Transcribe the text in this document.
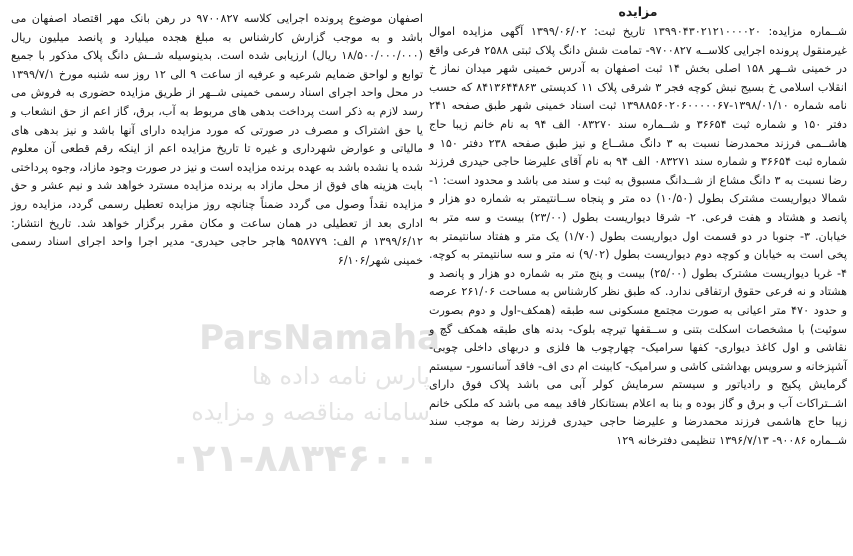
مزایده

شــماره مزایده: ۱۳۹۹۰۴۳۰۲۱۲۱۰۰۰۰۲۰ تاریخ ثبت: ۱۳۹۹/۰۶/۰۲ آگهی مزایده اموال غیرمنقول پرونده اجرایی کلاســه ۹۷۰۰۸۲۷- تمامت شش دانگ پلاک ثبتی ۲۵۸۸ فرعی واقع در خمینی شــهر ۱۵۸ اصلی بخش ۱۴ ثبت اصفهان به آدرس خمینی شهر میدان نماز خ انقلاب اسلامی خ بسیج نبش کوچه فجر ۳ شرقی پلاک ۱۱ کدپستی ۸۴۱۳۶۴۴۸۶۳ که حسب نامه شماره ۱۳۹۸/۰۱/۱۰-۱۳۹۸۸۵۶۰۲۰۶۰۰۰۰۰۶۷ ثبت اسناد خمینی شهر طبق صفحه ۲۴۱ دفتر ۱۵۰ و شماره ثبت ۳۶۶۵۴ و شــماره سند ۰۸۳۲۷۰ الف ۹۴ به نام خانم زیبا حاج هاشــمی فرزند محمدرضا نسبت به ۳ دانگ مشــاع و نیز طبق صفحه ۲۳۸ دفتر ۱۵۰ و شماره ثبت ۳۶۶۵۴ و شماره سند ۰۸۳۲۷۱ الف ۹۴ به نام آقای علیرضا حاجی حیدری فرزند رضا نسبت به ۳ دانگ مشاع از شــدانگ مسبوق به ثبت و سند می باشد و محدود است: ۱- شمالا دیواریست مشترک بطول (۱۰/۵۰) ده متر و پنجاه ســانتیمتر به شماره دو هزار و پانصد و هشتاد و هفت فرعی. ۲- شرقا دیواریست بطول (۲۳/۰۰) بیست و سه متر به خیابان. ۳- جنوبا در دو قسمت اول دیواریست بطول (۱/۷۰) یک متر و هفتاد سانتیمتر به پخی است به خیابان و کوچه دوم دیواریست بطول (۹/۰۲) نه متر و سه سانتیمتر به کوچه. ۴- غربا دیواریست مشترک بطول (۲۵/۰۰) بیست و پنج متر به شماره دو هزار و پانصد و هشتاد و نه فرعی حقوق ارتفاقی ندارد. که طبق نظر کارشناس به مساحت ۲۶۱/۰۶ عرصه و حدود ۴۷۰ متر اعیانی به صورت مجتمع مسکونی سه طبقه (همکف-اول و دوم بصورت سوئیت) با مشخصات اسکلت بتنی و ســقفها تیرچه بلوک- بدنه های طبقه همکف گچ و نقاشی و اول کاغذ دیواری- کفها سرامیک- چهارچوب ها فلزی و دربهای داخلی چوبی- آشپزخانه و سرویس بهداشتی کاشی و سرامیک- کابینت ام دی اف- فاقد آسانسور- سیستم گرمایش پکیج و رادیاتور و سیستم سرمایش کولر آبی می باشد پلاک فوق دارای اشــتراکات آب و برق و گاز بوده و بنا به اعلام بستانکار فاقد بیمه می باشد که ملکی خانم زیبا حاج هاشمی فرزند محمدرضا و علیرضا حاجی حیدری فرزند رضا به موجب سند شــماره ۹۰۰۸۶- ۱۳۹۶/۷/۱۳ تنظیمی دفترخانه ۱۲۹

اصفهان موضوع پرونده اجرایی کلاسه ۹۷۰۰۸۲۷ در رهن بانک مهر اقتصاد اصفهان می باشد و به موجب گزارش کارشناس به مبلغ هجده میلیارد و پانصد میلیون ریال (۱۸/۵۰۰/۰۰۰/۰۰۰ ریال) ارزیابی شده است. بدینوسیله شــش دانگ پلاک مذکور با جمیع توابع و لواحق ضمایم شرعیه و عرفیه از ساعت ۹ الی ۱۲ روز سه شنبه مورخ ۱۳۹۹/۷/۱ در محل واحد اجرای اسناد رسمی خمینی شــهر از طریق مزایده حضوری به فروش می رسد لازم به ذکر است پرداخت بدهی های مربوط به آب، برق، گاز اعم از حق انشعاب و یا حق اشتراک و مصرف در صورتی که مورد مزایده دارای آنها باشد و نیز بدهی های مالیاتی و عوارض شهرداری و غیره تا تاریخ مزایده اعم از اینکه رقم قطعی آن معلوم شده یا نشده باشد به عهده برنده مزایده است و نیز در صورت وجود مازاد، وجوه پرداختی بابت هزینه های فوق از محل مازاد به برنده مزایده مسترد خواهد شد و نیم عشر و حق مزایده نقداً وصول می گردد ضمناً چنانچه روز مزایده تعطیل رسمی گردد، مزایده روز اداری بعد از تعطیلی در همان ساعت و مکان مقرر برگزار خواهد شد. تاریخ انتشار: ۱۳۹۹/۶/۱۲ م الف: ۹۵۸۷۷۹ هاجر حاجی حیدری- مدیر اجرا واحد اجرای اسناد رسمی خمینی شهر/۶/۱۰۶

ParsNamaha
پارس نامه داده ها
سامانه مناقصه و مزایده
۰۲۱-۸۸۳۴۶۰۰۰
